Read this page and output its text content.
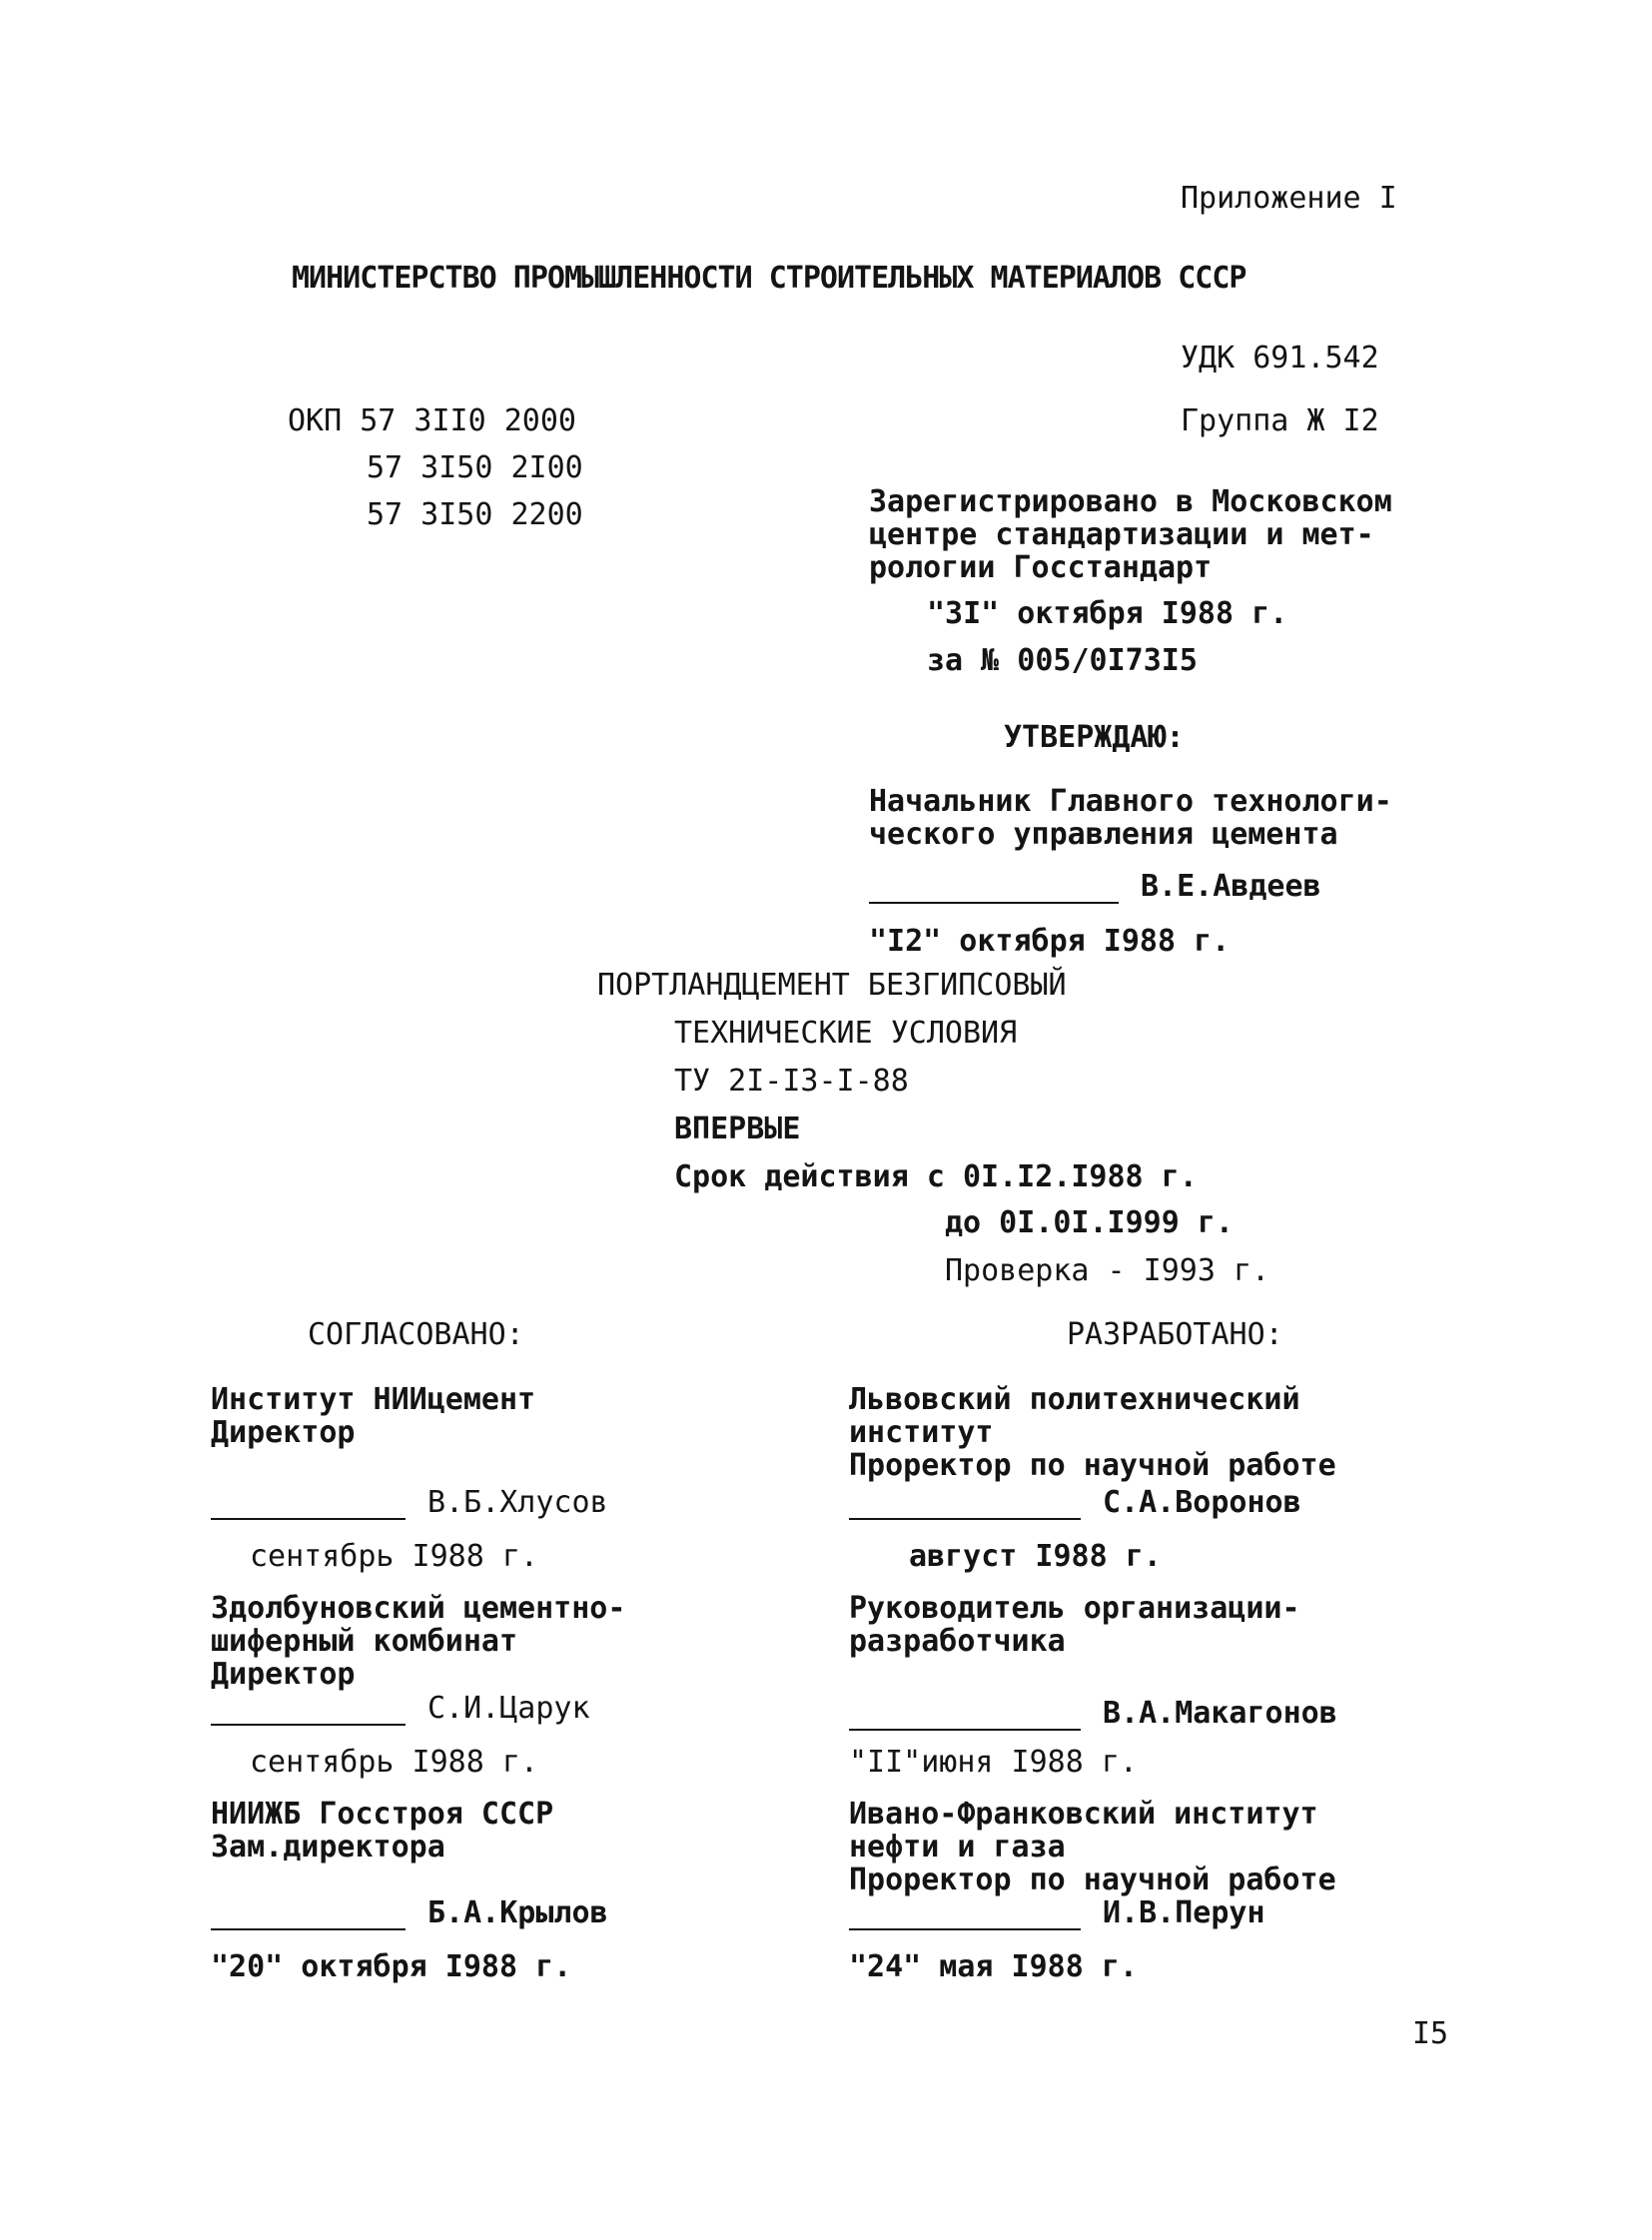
Приложение I
МИНИСТЕРСТВО ПРОМЫШЛЕННОСТИ СТРОИТЕЛЬНЫХ МАТЕРИАЛОВ СССР
УДК 691.542
ОКП 57 3II0 2000
57 3I50 2I00
57 3I50 2200
Группа Ж I2
Зарегистрировано в Московском
центре стандартизации и мет-
рологии Госстандарт
"3I" октября I988 г.
за № 005/0I73I5
УТВЕРЖДАЮ:
Начальник Главного технологи-
ческого управления цемента
В.Е.Авдеев
"I2" октября I988 г.
ПОРТЛАНДЦЕМЕНТ БЕЗГИПСОВЫЙ
ТЕХНИЧЕСКИЕ УСЛОВИЯ
ТУ 2I-I3-I-88
ВПЕРВЫЕ
Срок действия с 0I.I2.I988 г.
до 0I.0I.I999 г.
Проверка - I993 г.
СОГЛАСОВАНО:
Институт НИИцемент
Директор
В.Б.Хлусов
сентябрь I988 г.
Здолбуновский цементно-
шиферный комбинат
Директор
С.И.Царук
сентябрь I988 г.
НИИЖБ Госстроя СССР
Зам.директора
Б.А.Крылов
"20" октября I988 г.
РАЗРАБОТАНО:
Львовский политехнический
институт
Проректор по научной работе
С.А.Воронов
август I988 г.
Руководитель организации-
разработчика
В.А.Макагонов
"II"июня I988 г.
Ивано-Франковский институт
нефти и газа
Проректор по научной работе
И.В.Перун
"24" мая I988 г.
I5
